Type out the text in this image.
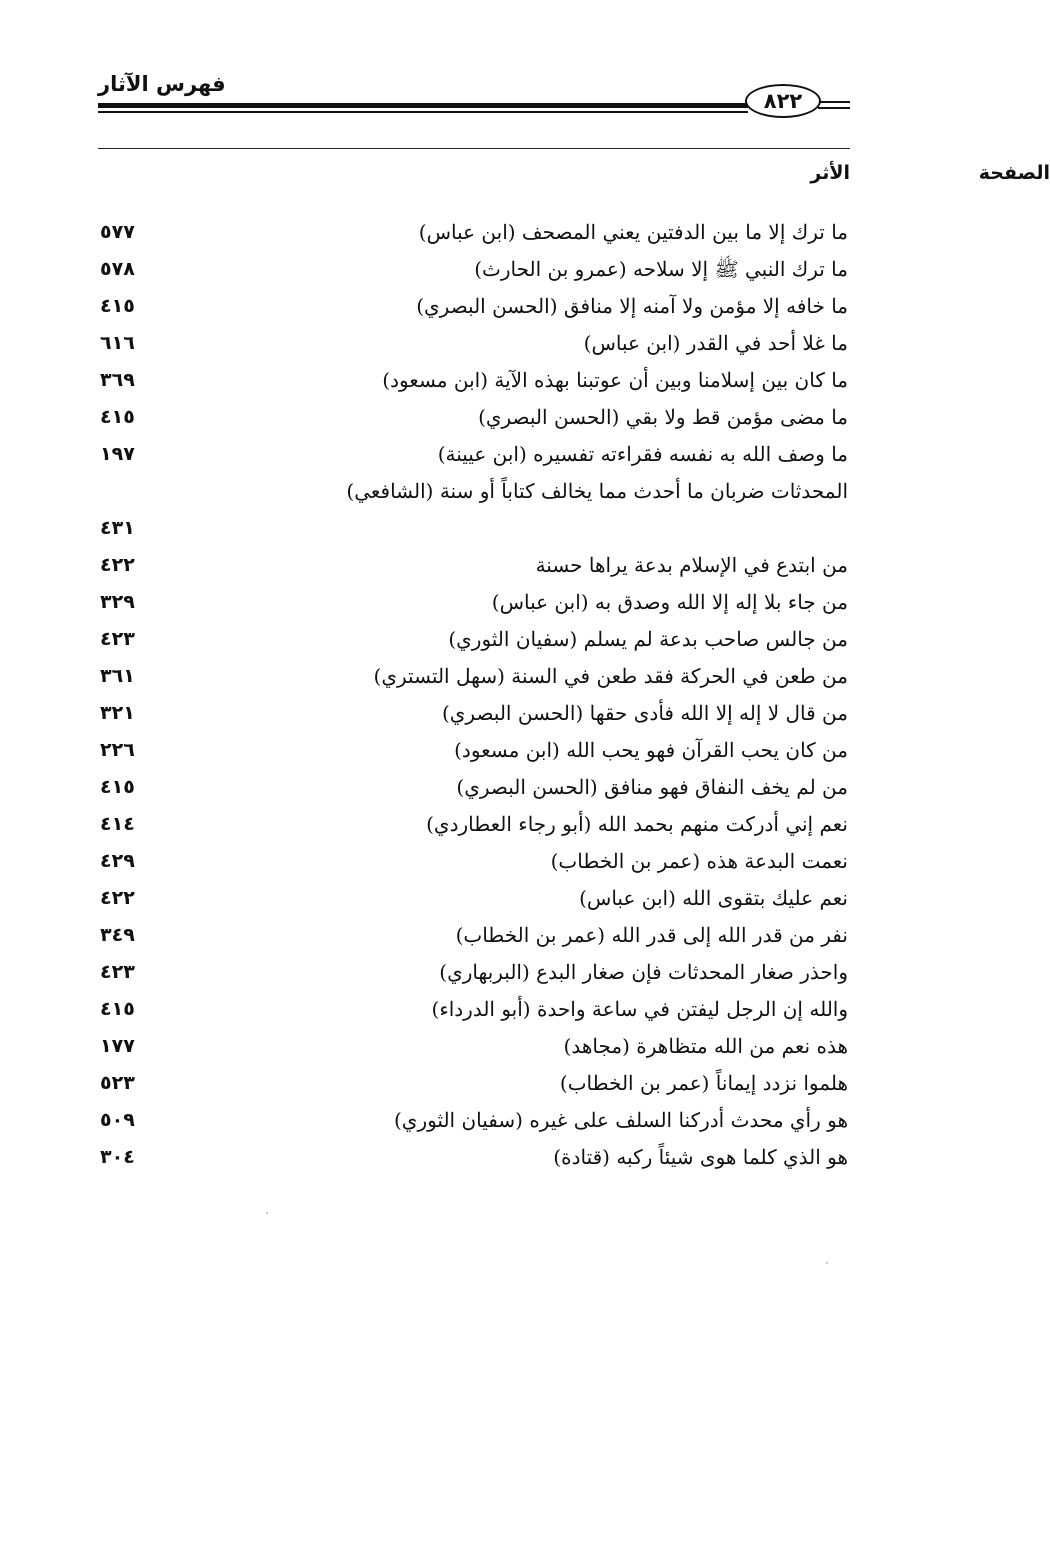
فهرس الآثار
٨٢٢
الأثر	الصفحة
ما ترك إلا ما بين الدفتين يعني المصحف (ابن عباس)
٥٧٧
ما ترك النبي ﷺ إلا سلاحه (عمرو بن الحارث)
٥٧٨
ما خافه إلا مؤمن ولا آمنه إلا منافق (الحسن البصري)
٤١٥
ما غلا أحد في القدر (ابن عباس)
٦١٦
ما كان بين إسلامنا وبين أن عوتبنا بهذه الآية (ابن مسعود)
٣٦٩
ما مضى مؤمن قط ولا بقي (الحسن البصري)
٤١٥
ما وصف الله به نفسه فقراءته تفسيره (ابن عيينة)
١٩٧
المحدثات ضربان ما أحدث مما يخالف كتاباً أو سنة (الشافعي)
٤٣١
من ابتدع في الإسلام بدعة يراها حسنة
٤٢٢
من جاء بلا إله إلا الله وصدق به (ابن عباس)
٣٢٩
من جالس صاحب بدعة لم يسلم (سفيان الثوري)
٤٢٣
من طعن في الحركة فقد طعن في السنة (سهل التستري)
٣٦١
من قال لا إله إلا الله فأدى حقها (الحسن البصري)
٣٢١
من كان يحب القرآن فهو يحب الله (ابن مسعود)
٢٢٦
من لم يخف النفاق فهو منافق (الحسن البصري)
٤١٥
نعم إني أدركت منهم بحمد الله (أبو رجاء العطاردي)
٤١٤
نعمت البدعة هذه (عمر بن الخطاب)
٤٢٩
نعم عليك بتقوى الله (ابن عباس)
٤٢٢
نفر من قدر الله إلى قدر الله (عمر بن الخطاب)
٣٤٩
واحذر صغار المحدثات فإن صغار البدع (البربهاري)
٤٢٣
والله إن الرجل ليفتن في ساعة واحدة (أبو الدرداء)
٤١٥
هذه نعم من الله متظاهرة (مجاهد)
١٧٧
هلموا نزدد إيماناً (عمر بن الخطاب)
٥٢٣
هو رأي محدث أدركنا السلف على غيره (سفيان الثوري)
٥٠٩
هو الذي كلما هوى شيئاً ركبه (قتادة)
٣٠٤
